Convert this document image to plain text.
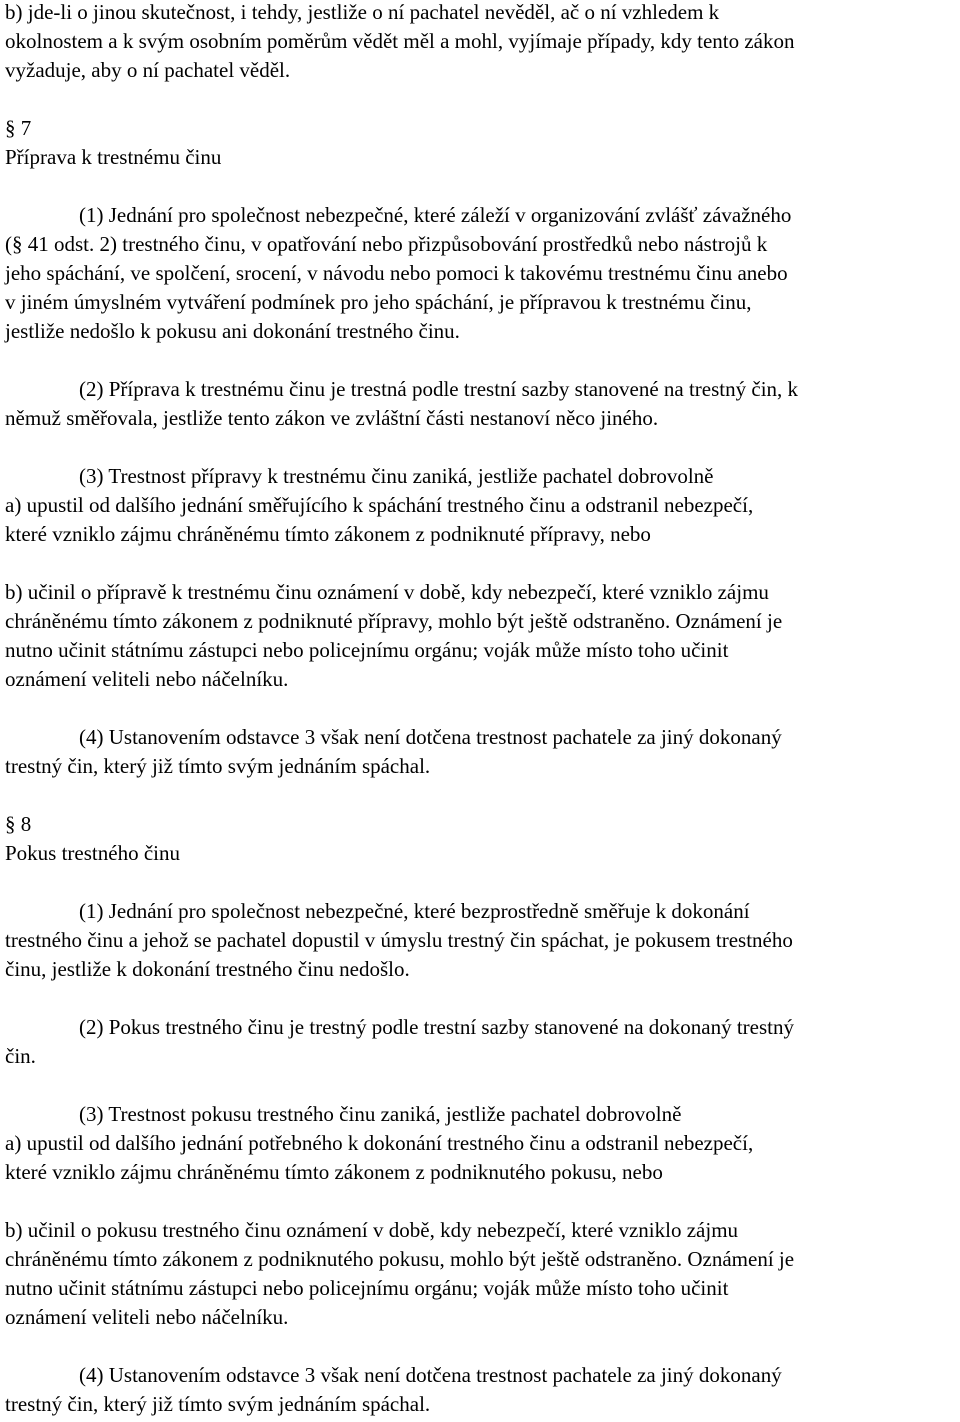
b) jde-li o jinou skutečnost, i tehdy, jestliže o ní pachatel nevěděl, ač o ní vzhledem k
okolnostem a k svým osobním poměrům vědět měl a mohl, vyjímaje případy, kdy tento zákon
vyžaduje, aby o ní pachatel věděl.
§ 7
Příprava k trestnému činu
(1) Jednání pro společnost nebezpečné, které záleží v organizování zvlášť závažného
(§ 41 odst. 2) trestného činu, v opatřování nebo přizpůsobování prostředků nebo nástrojů k
jeho spáchání, ve spolčení, srocení, v návodu nebo pomoci k takovému trestnému činu anebo
v jiném úmyslném vytváření podmínek pro jeho spáchání, je přípravou k trestnému činu,
jestliže nedošlo k pokusu ani dokonání trestného činu.
(2) Příprava k trestnému činu je trestná podle trestní sazby stanovené na trestný čin, k
němuž směřovala, jestliže tento zákon ve zvláštní části nestanoví něco jiného.
(3) Trestnost přípravy k trestnému činu zaniká, jestliže pachatel dobrovolně
a) upustil od dalšího jednání směřujícího k spáchání trestného činu a odstranil nebezpečí,
které vzniklo zájmu chráněnému tímto zákonem z podniknuté přípravy, nebo
b) učinil o přípravě k trestnému činu oznámení v době, kdy nebezpečí, které vzniklo zájmu
chráněnému tímto zákonem z podniknuté přípravy, mohlo být ještě odstraněno. Oznámení je
nutno učinit státnímu zástupci nebo policejnímu orgánu; voják může místo toho učinit
oznámení veliteli nebo náčelníku.
(4) Ustanovením odstavce 3 však není dotčena trestnost pachatele za jiný dokonaný
trestný čin, který již tímto svým jednáním spáchal.
§ 8
Pokus trestného činu
(1) Jednání pro společnost nebezpečné, které bezprostředně směřuje k dokonání
trestného činu a jehož se pachatel dopustil v úmyslu trestný čin spáchat, je pokusem trestného
činu, jestliže k dokonání trestného činu nedošlo.
(2) Pokus trestného činu je trestný podle trestní sazby stanovené na dokonaný trestný
čin.
(3) Trestnost pokusu trestného činu zaniká, jestliže pachatel dobrovolně
a) upustil od dalšího jednání potřebného k dokonání trestného činu a odstranil nebezpečí,
které vzniklo zájmu chráněnému tímto zákonem z podniknutého pokusu, nebo
b) učinil o pokusu trestného činu oznámení v době, kdy nebezpečí, které vzniklo zájmu
chráněnému tímto zákonem z podniknutého pokusu, mohlo být ještě odstraněno. Oznámení je
nutno učinit státnímu zástupci nebo policejnímu orgánu; voják může místo toho učinit
oznámení veliteli nebo náčelníku.
(4) Ustanovením odstavce 3 však není dotčena trestnost pachatele za jiný dokonaný
trestný čin, který již tímto svým jednáním spáchal.
